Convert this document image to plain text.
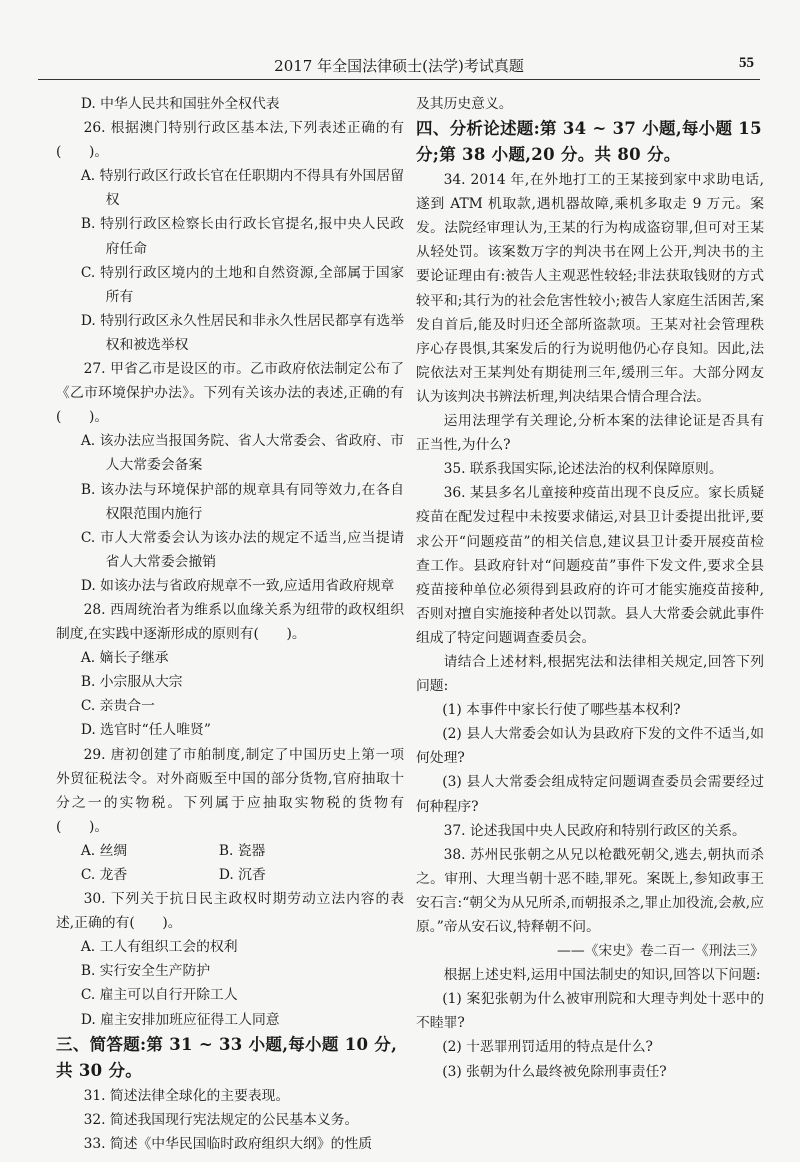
2017 年全国法律硕士(法学)考试真题	55

D. 中华人民共和国驻外全权代表

26. 根据澳门特别行政区基本法,下列表述正确的有(　　)。

A. 特别行政区行政长官在任职期内不得具有外国居留权

B. 特别行政区检察长由行政长官提名,报中央人民政府任命

C. 特别行政区境内的土地和自然资源,全部属于国家所有

D. 特别行政区永久性居民和非永久性居民都享有选举权和被选举权

27. 甲省乙市是设区的市。乙市政府依法制定公布了《乙市环境保护办法》。下列有关该办法的表述,正确的有(　　)。

A. 该办法应当报国务院、省人大常委会、省政府、市人大常委会备案

B. 该办法与环境保护部的规章具有同等效力,在各自权限范围内施行

C. 市人大常委会认为该办法的规定不适当,应当提请省人大常委会撤销

D. 如该办法与省政府规章不一致,应适用省政府规章

28. 西周统治者为维系以血缘关系为纽带的政权组织制度,在实践中逐渐形成的原则有(　　)。

A. 嫡长子继承

B. 小宗服从大宗

C. 亲贵合一

D. 选官时“任人唯贤”

29. 唐初创建了市舶制度,制定了中国历史上第一项外贸征税法令。对外商贩至中国的部分货物,官府抽取十分之一的实物税。下列属于应抽取实物税的货物有(　　)。

A. 丝绸	B. 瓷器
C. 龙香	D. 沉香

30. 下列关于抗日民主政权时期劳动立法内容的表述,正确的有(　　)。

A. 工人有组织工会的权利

B. 实行安全生产防护

C. 雇主可以自行开除工人

D. 雇主安排加班应征得工人同意

三、简答题:第 31 ~ 33 小题,每小题 10 分,共 30 分。

31. 简述法律全球化的主要表现。

32. 简述我国现行宪法规定的公民基本义务。

33. 简述《中华民国临时政府组织大纲》的性质

及其历史意义。

四、分析论述题:第 34 ~ 37 小题,每小题 15 分;第 38 小题,20 分。共 80 分。

34. 2014 年,在外地打工的王某接到家中求助电话,遂到 ATM 机取款,遇机器故障,乘机多取走 9 万元。案发。法院经审理认为,王某的行为构成盗窃罪,但可对王某从轻处罚。该案数万字的判决书在网上公开,判决书的主要论证理由有:被告人主观恶性较轻;非法获取钱财的方式较平和;其行为的社会危害性较小;被告人家庭生活困苦,案发自首后,能及时归还全部所盗款项。王某对社会管理秩序心存畏惧,其案发后的行为说明他仍心存良知。因此,法院依法对王某判处有期徒刑三年,缓刑三年。大部分网友认为该判决书辨法析理,判决结果合情合理合法。

运用法理学有关理论,分析本案的法律论证是否具有正当性,为什么?

35. 联系我国实际,论述法治的权利保障原则。

36. 某县多名儿童接种疫苗出现不良反应。家长质疑疫苗在配发过程中未按要求储运,对县卫计委提出批评,要求公开“问题疫苗”的相关信息,建议县卫计委开展疫苗检查工作。县政府针对“问题疫苗”事件下发文件,要求全县疫苗接种单位必须得到县政府的许可才能实施疫苗接种,否则对擅自实施接种者处以罚款。县人大常委会就此事件组成了特定问题调查委员会。

请结合上述材料,根据宪法和法律相关规定,回答下列问题:

(1) 本事件中家长行使了哪些基本权利?

(2) 县人大常委会如认为县政府下发的文件不适当,如何处理?

(3) 县人大常委会组成特定问题调查委员会需要经过何种程序?

37. 论述我国中央人民政府和特别行政区的关系。

38. 苏州民张朝之从兄以枪戳死朝父,逃去,朝执而杀之。审刑、大理当朝十恶不睦,罪死。案既上,参知政事王安石言:“朝父为从兄所杀,而朝报杀之,罪止加役流,会赦,应原。”帝从安石议,特释朝不问。

——《宋史》卷二百一《刑法三》

根据上述史料,运用中国法制史的知识,回答以下问题:

(1) 案犯张朝为什么被审刑院和大理寺判处十恶中的不睦罪?

(2) 十恶罪刑罚适用的特点是什么?

(3) 张朝为什么最终被免除刑事责任?
